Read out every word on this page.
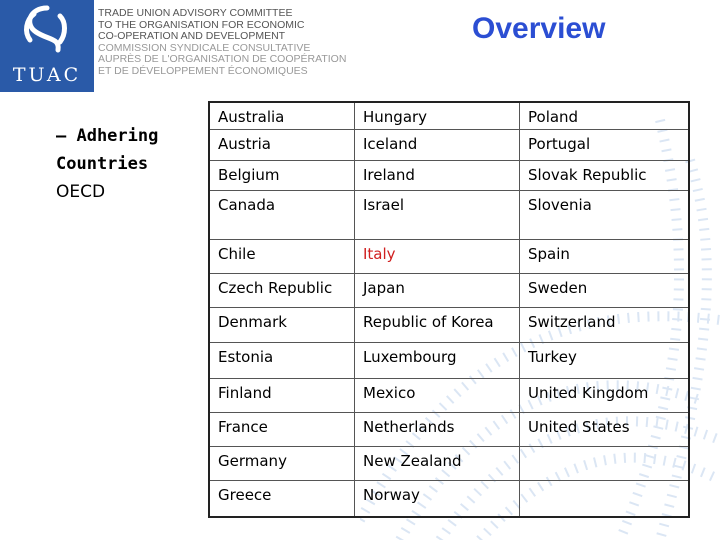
TUAC
TRADE UNION ADVISORY COMMITTEE
TO THE ORGANISATION FOR ECONOMIC
CO-OPERATION AND DEVELOPMENT
COMMISSION SYNDICALE CONSULTATIVE
AUPRÈS DE L'ORGANISATION DE COOPÉRATION
ET DE DÉVELOPPEMENT ÉCONOMIQUES
Overview
– Adhering
Countries
OECD
Australia	Hungary	Poland

Austria	Iceland	Portugal

Belgium	Ireland	Slovak Republic

Canada	Israel	Slovenia

Chile	Italy	Spain

Czech Republic	Japan	Sweden

Denmark	Republic of Korea	Switzerland

Estonia	Luxembourg	Turkey

Finland	Mexico	United Kingdom

France	Netherlands	United States

Germany	New Zealand	

Greece	Norway	
